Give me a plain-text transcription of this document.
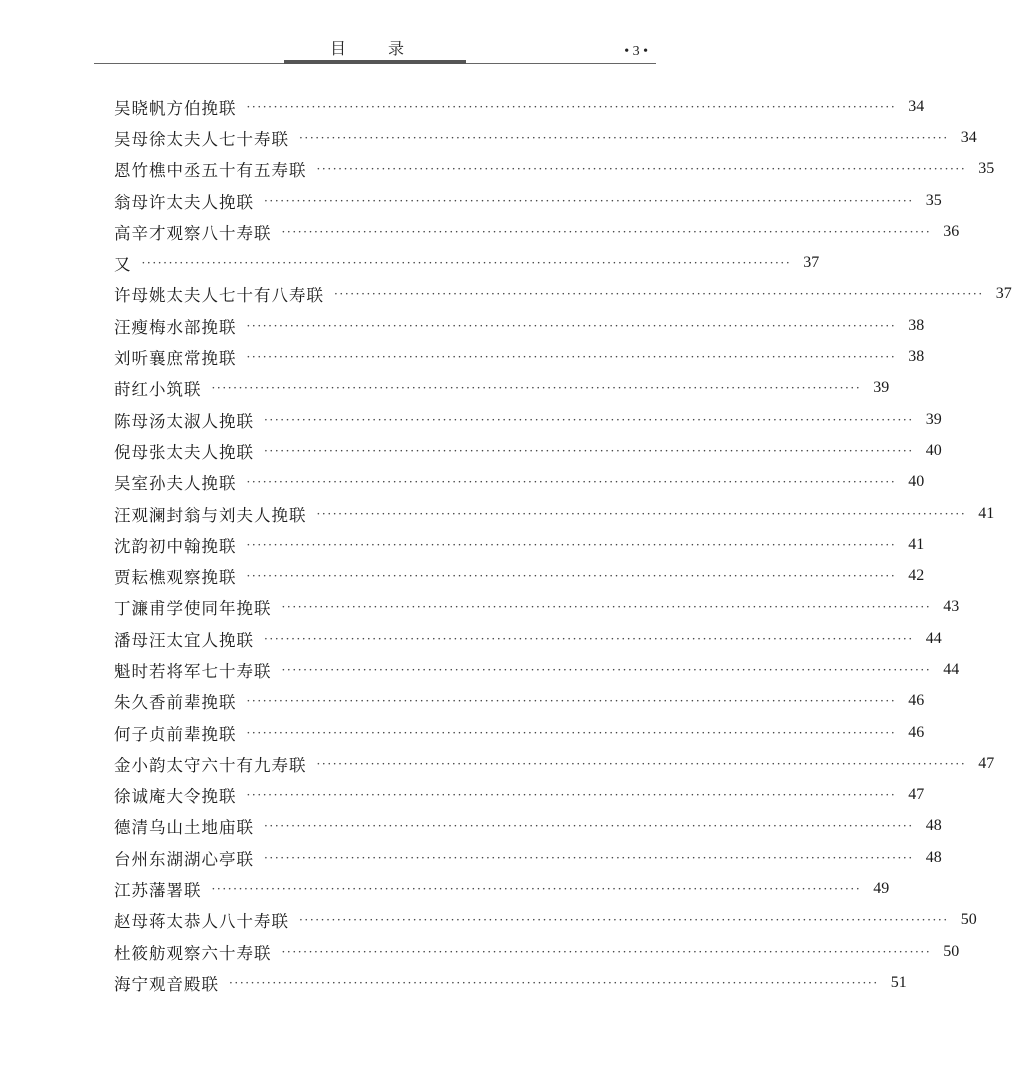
目	录	• 3 •
吴晓帆方伯挽联 ························································································································ 34
吴母徐太夫人七十寿联 ························································································································ 34
恩竹樵中丞五十有五寿联 ························································································································ 35
翁母许太夫人挽联 ························································································································ 35
高辛才观察八十寿联 ························································································································ 36
又 ························································································································ 37
许母姚太夫人七十有八寿联 ························································································································ 37
汪瘦梅水部挽联 ························································································································ 38
刘听襄庶常挽联 ························································································································ 38
莳红小筑联 ························································································································ 39
陈母汤太淑人挽联 ························································································································ 39
倪母张太夫人挽联 ························································································································ 40
吴室孙夫人挽联 ························································································································ 40
汪观澜封翁与刘夫人挽联 ························································································································ 41
沈韵初中翰挽联 ························································································································ 41
贾耘樵观察挽联 ························································································································ 42
丁濂甫学使同年挽联 ························································································································ 43
潘母汪太宜人挽联 ························································································································ 44
魁时若将军七十寿联 ························································································································ 44
朱久香前辈挽联 ························································································································ 46
何子贞前辈挽联 ························································································································ 46
金小韵太守六十有九寿联 ························································································································ 47
徐诚庵大令挽联 ························································································································ 47
德清乌山土地庙联 ························································································································ 48
台州东湖湖心亭联 ························································································································ 48
江苏藩署联 ························································································································ 49
赵母蒋太恭人八十寿联 ························································································································ 50
杜筱舫观察六十寿联 ························································································································ 50
海宁观音殿联 ························································································································ 51
